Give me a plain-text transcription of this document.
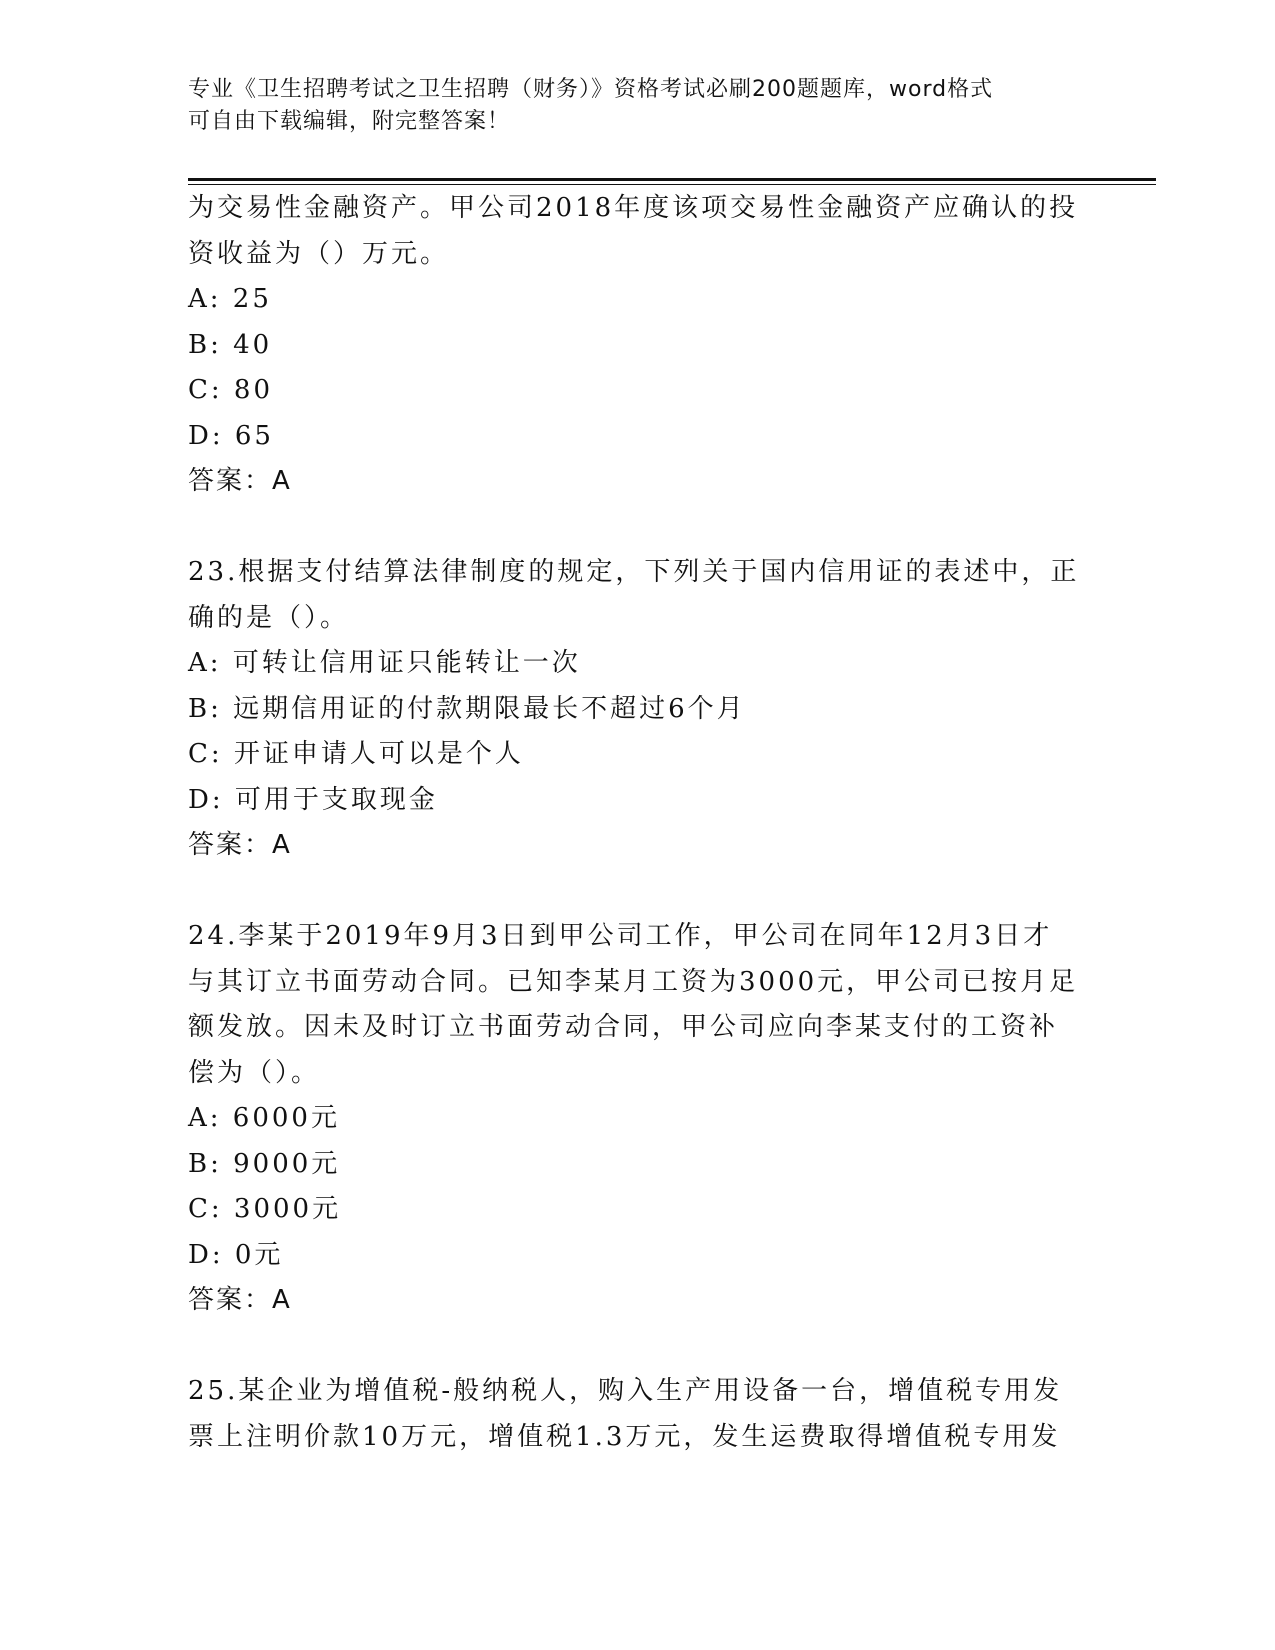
专业《卫生招聘考试之卫生招聘（财务）》资格考试必刷200题题库，word格式
可自由下载编辑，附完整答案！
为交易性金融资产。甲公司2018年度该项交易性金融资产应确认的投
资收益为（）万元。
A: 25
B: 40
C: 80
D: 65
答案：A
23.根据支付结算法律制度的规定，下列关于国内信用证的表述中，正
确的是（）。
A: 可转让信用证只能转让一次
B: 远期信用证的付款期限最长不超过6个月
C: 开证申请人可以是个人
D: 可用于支取现金
答案：A
24.李某于2019年9月3日到甲公司工作，甲公司在同年12月3日才
与其订立书面劳动合同。已知李某月工资为3000元，甲公司已按月足
额发放。因未及时订立书面劳动合同，甲公司应向李某支付的工资补
偿为（）。
A: 6000元
B: 9000元
C: 3000元
D: 0元
答案：A
25.某企业为增值税-般纳税人，购入生产用设备一台，增值税专用发
票上注明价款10万元，增值税1.3万元，发生运费取得增值税专用发
